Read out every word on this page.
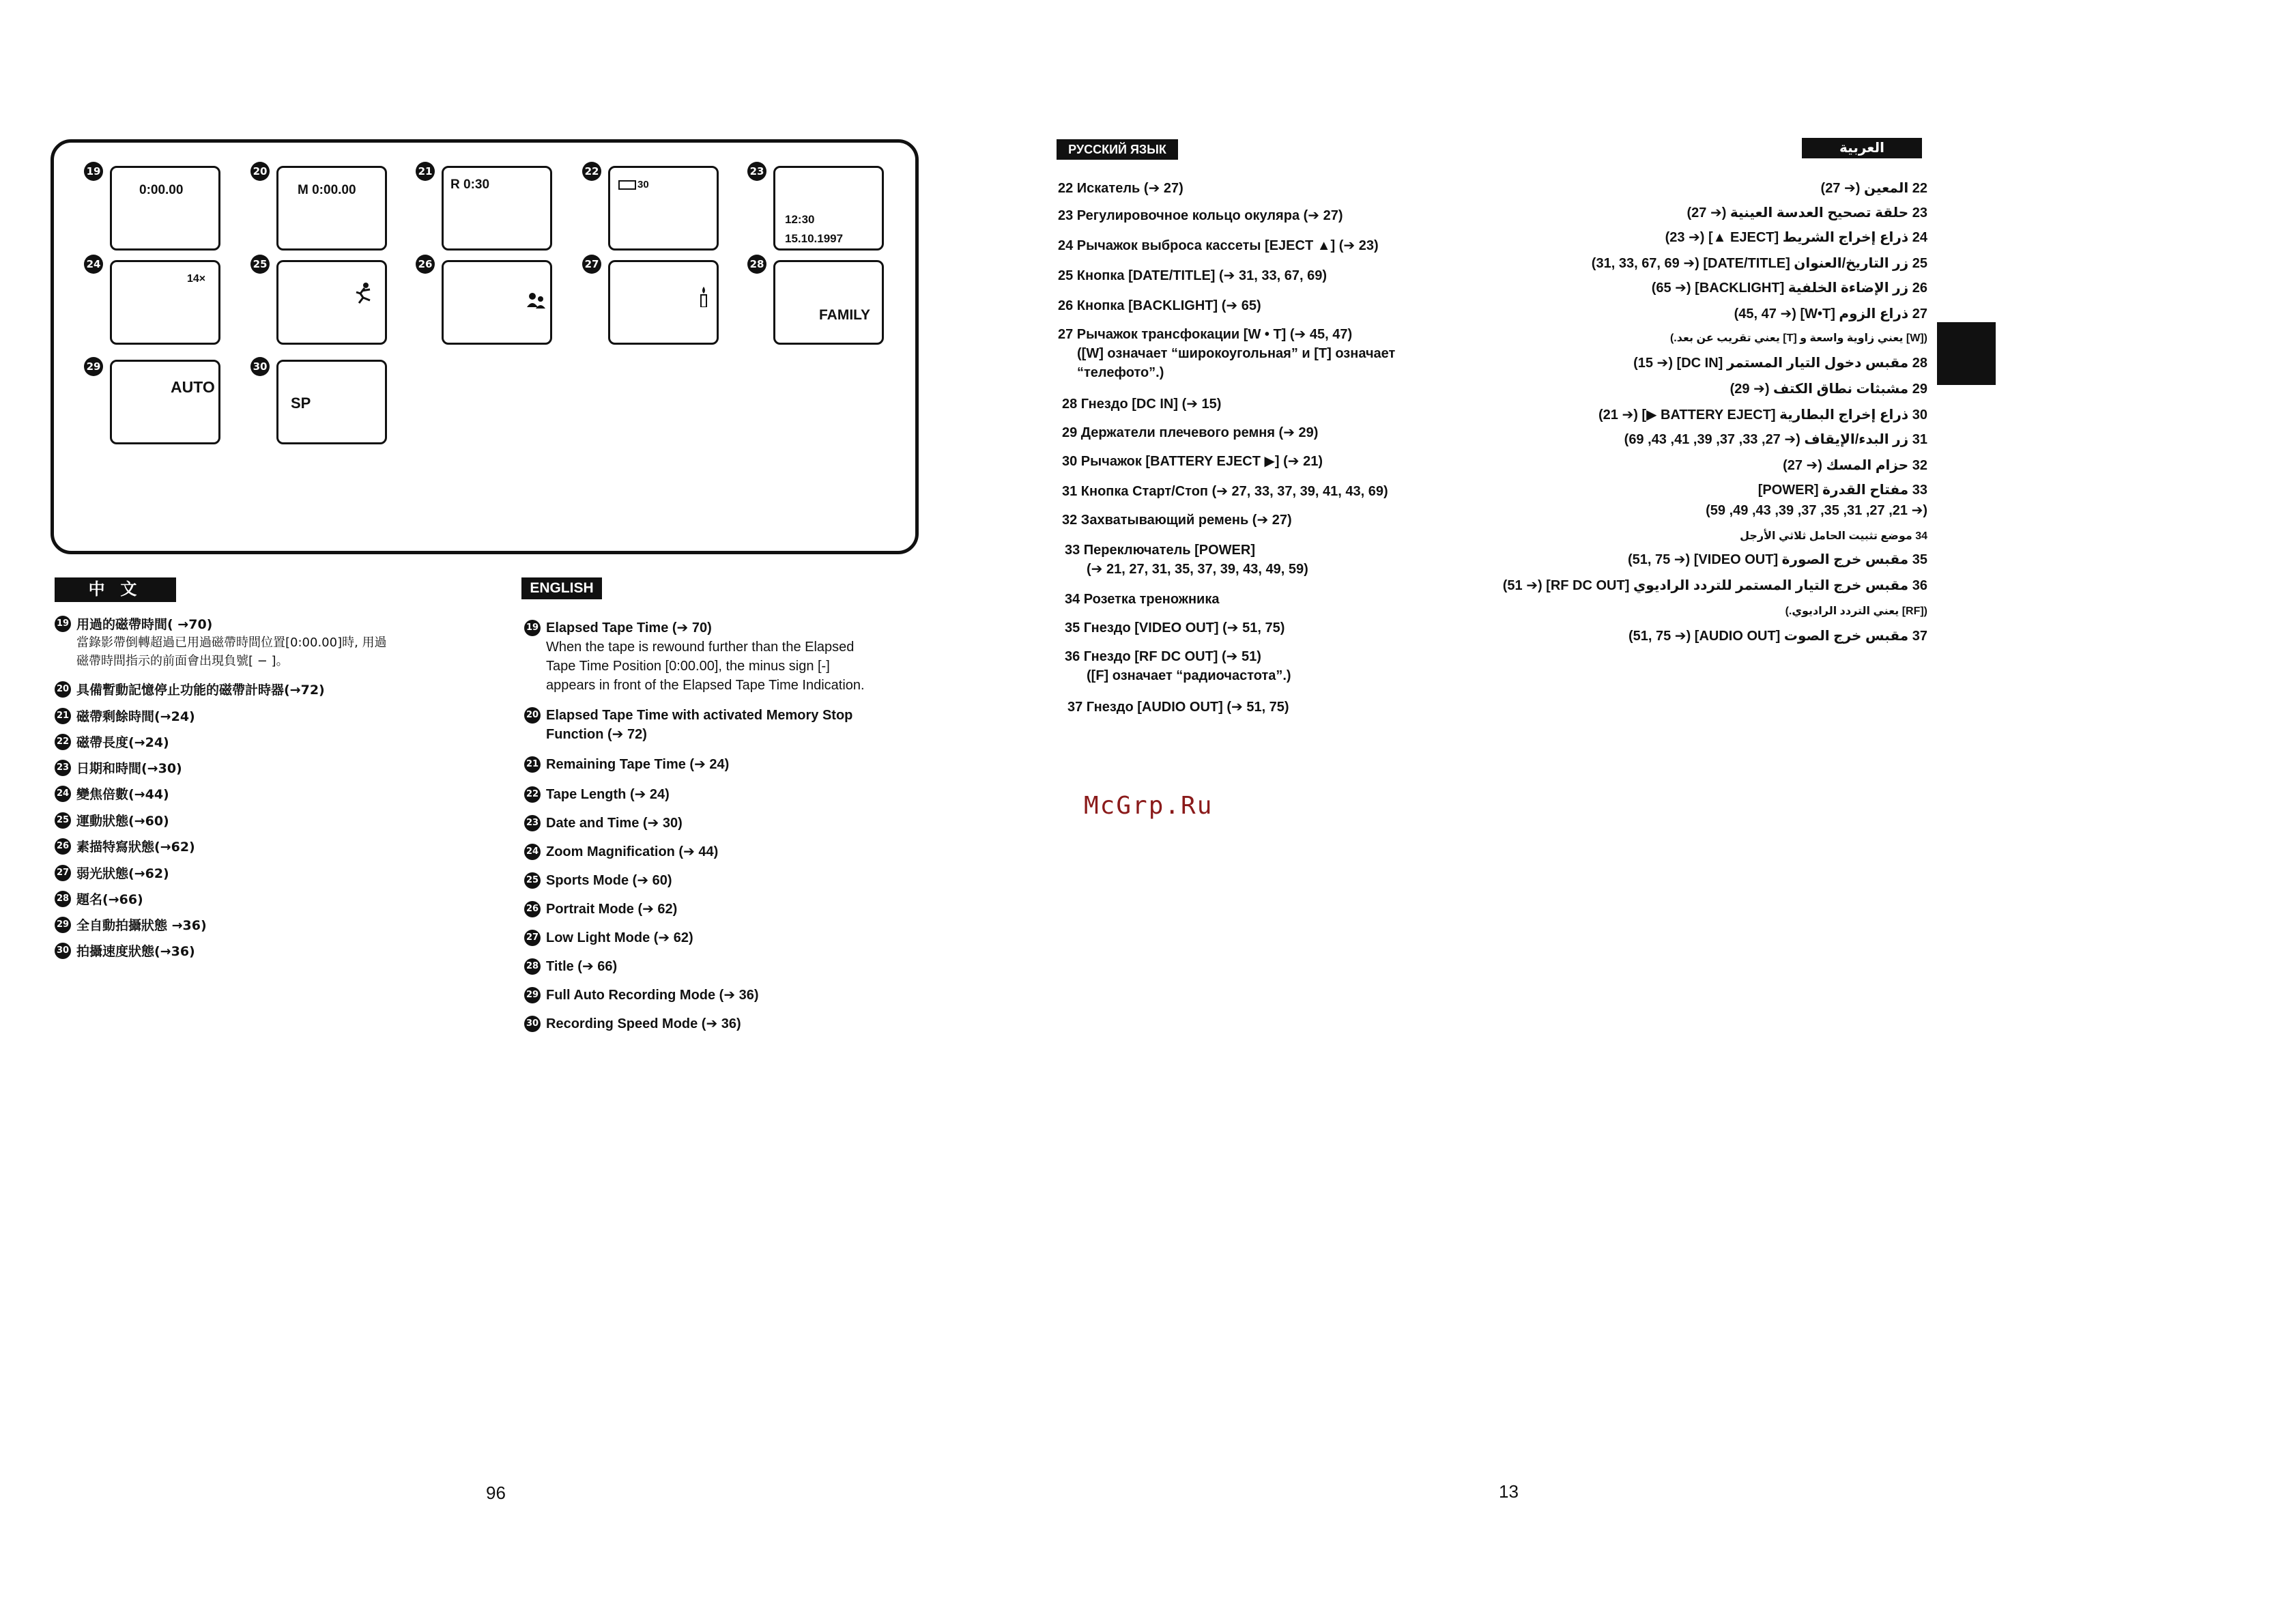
19
0:00.00
20
M 0:00.00
21
R 0:30
22
30
23
12:30
15.10.1997
24
14×
25	26	27	28
FAMILY
29
AUTO
30
SP
中 文
19 用過的磁帶時間( →70)
當錄影帶倒轉超過已用過磁帶時間位置[0:00.00]時, 用過
磁帶時間指示的前面會出現負號[ − ]。
20 具備暫動記憶停止功能的磁帶計時器(→72)
21 磁帶剩餘時間(→24)
22 磁帶長度(→24)
23 日期和時間(→30)
24 變焦倍數(→44)
25 運動狀態(→60)
26 素描特寫狀態(→62)
27 弱光狀態(→62)
28 題名(→66)
29 全自動拍攝狀態 →36)
30 拍攝速度狀態(→36)
ENGLISH
19 Elapsed Tape Time (➔ 70)
When the tape is rewound further than the Elapsed
Tape Time Position [0:00.00], the minus sign [-]
appears in front of the Elapsed Tape Time Indication.
20 Elapsed Tape Time with activated Memory Stop
Function (➔ 72)
21 Remaining Tape Time (➔ 24)
22 Tape Length (➔ 24)
23 Date and Time (➔ 30)
24 Zoom Magnification (➔ 44)
25 Sports Mode (➔ 60)
26 Portrait Mode (➔ 62)
27 Low Light Mode (➔ 62)
28 Title (➔ 66)
29 Full Auto Recording Mode (➔ 36)
30 Recording Speed Mode (➔ 36)
РУССКИЙ ЯЗЫК
22 Искатель (➔ 27)
23 Регулировочное кольцо окуляра (➔ 27)
24 Рычажок выброса кассеты [EJECT ▲] (➔ 23)
25 Кнопка [DATE/TITLE] (➔ 31, 33, 67, 69)
26 Кнопка [BACKLIGHT] (➔ 65)
27 Рычажок трансфокации [W • T] (➔ 45, 47)
([W] означает “широкоугольная” и [T] означает
“телефото”.)
28 Гнездо [DC IN] (➔ 15)
29 Держатели плечевого ремня (➔ 29)
30 Рычажок [BATTERY EJECT ▶] (➔ 21)
31 Кнопка Старт/Стоп (➔ 27, 33, 37, 39, 41, 43, 69)
32 Захватывающий ремень (➔ 27)
33 Переключатель [POWER]
(➔ 21, 27, 31, 35, 37, 39, 43, 49, 59)
34 Розетка треножника
35 Гнездо [VIDEO OUT] (➔ 51, 75)
36 Гнездо [RF DC OUT] (➔ 51)
([F] означает “радиочастота”.)
37 Гнездо [AUDIO OUT] (➔ 51, 75)
العربية
22 المعين (➔ 27)
23 حلقة تصحيح العدسة العينية (➔ 27)
24 ذراع إخراج الشريط [EJECT ▲] (➔ 23)
25 زر التاريخ/العنوان [DATE/TITLE] (➔ 31, 33, 67, 69)
26 زر الإضاءة الخلفية [BACKLIGHT] (➔ 65)
27 ذراع الزوم [W•T] (➔ 45, 47)
([W] يعني زاوية واسعة و [T] يعني تقريب عن بعد.)
28 مقبس دخول التيار المستمر [DC IN] (➔ 15)
29 مشبثات نطاق الكتف (➔ 29)
30 ذراع إخراج البطارية [BATTERY EJECT ▶] (➔ 21)
31 زر البدء/الإيقاف (➔ 27, 33, 37, 39, 41, 43, 69)
32 حزام المسك (➔ 27)
33 مفتاح القدرة [POWER]
(➔ 21, 27, 31, 35, 37, 39, 43, 49, 59)
34 موضع تثبيت الحامل ثلاثي الأرجل
35 مقبس خرج الصورة [VIDEO OUT] (➔ 51, 75)
36 مقبس خرج التيار المستمر للتردد الراديوي [RF DC OUT] (➔ 51)
([RF] يعني التردد الراديوي.)
37 مقبس خرج الصوت [AUDIO OUT] (➔ 51, 75)
McGrp.Ru
96	13
